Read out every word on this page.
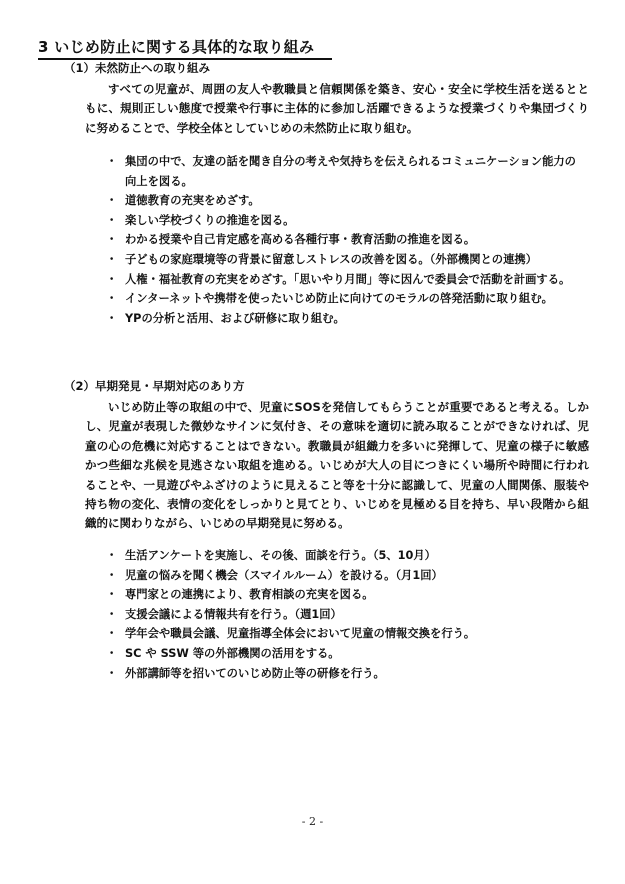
3 いじめ防止に関する具体的な取り組み
（1）未然防止への取り組み
すべての児童が、周囲の友人や教職員と信頼関係を築き、安心・安全に学校生活を送るとともに、規則正しい態度で授業や行事に主体的に参加し活躍できるような授業づくりや集団づくりに努めることで、学校全体としていじめの未然防止に取り組む。
・ 集団の中で、友達の話を聞き自分の考えや気持ちを伝えられるコミュニケーション能力の向上を図る。
・ 道徳教育の充実をめざす。
・ 楽しい学校づくりの推進を図る。
・ わかる授業や自己肯定感を高める各種行事・教育活動の推進を図る。
・ 子どもの家庭環境等の背景に留意しストレスの改善を図る。（外部機関との連携）
・ 人権・福祉教育の充実をめざす。「思いやり月間」等に因んで委員会で活動を計画する。
・ インターネットや携帯を使ったいじめ防止に向けてのモラルの啓発活動に取り組む。
・ YPの分析と活用、および研修に取り組む。
（2）早期発見・早期対応のあり方
いじめ防止等の取組の中で、児童にSOSを発信してもらうことが重要であると考える。しかし、児童が表現した微妙なサインに気付き、その意味を適切に読み取ることができなければ、児童の心の危機に対応することはできない。教職員が組織力を多いに発揮して、児童の様子に敏感かつ些細な兆候を見逃さない取組を進める。いじめが大人の目につきにくい場所や時間に行われることや、一見遊びやふざけのように見えること等を十分に認識して、児童の人間関係、服装や持ち物の変化、表情の変化をしっかりと見てとり、いじめを見極める目を持ち、早い段階から組織的に関わりながら、いじめの早期発見に努める。
・ 生活アンケートを実施し、その後、面談を行う。（5、10月）
・ 児童の悩みを聞く機会（スマイルルーム）を設ける。（月1回）
・ 専門家との連携により、教育相談の充実を図る。
・ 支援会議による情報共有を行う。（週1回）
・ 学年会や職員会議、児童指導全体会において児童の情報交換を行う。
・ SC や SSW 等の外部機関の活用をする。
・ 外部講師等を招いてのいじめ防止等の研修を行う。
- 2 -
